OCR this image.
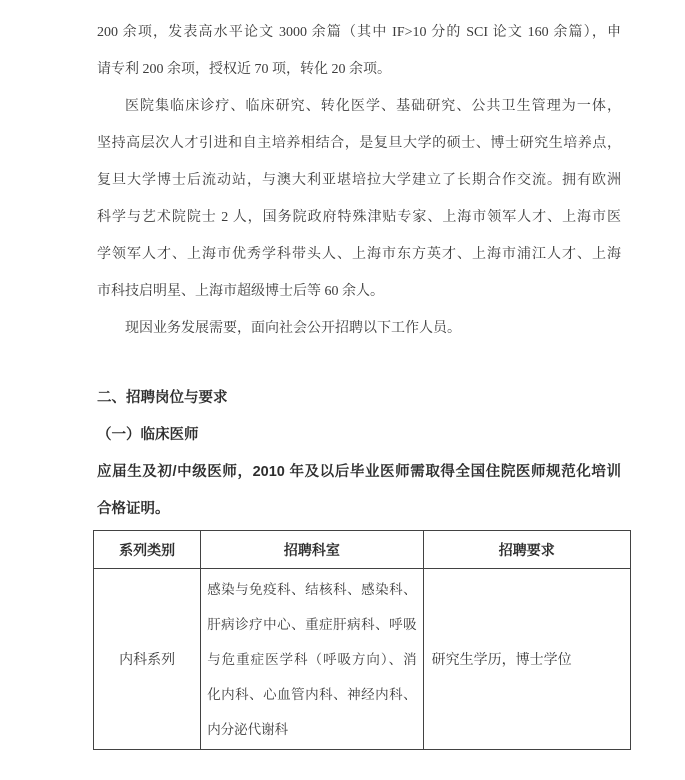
200 余项，发表高水平论文 3000 余篇（其中 IF>10 分的 SCI 论文 160 余篇），申
请专利 200 余项，授权近 70 项，转化 20 余项。
医院集临床诊疗、临床研究、转化医学、基础研究、公共卫生管理为一体，
坚持高层次人才引进和自主培养相结合，是复旦大学的硕士、博士研究生培养点，
复旦大学博士后流动站，与澳大利亚堪培拉大学建立了长期合作交流。拥有欧洲
科学与艺术院院士 2 人，国务院政府特殊津贴专家、上海市领军人才、上海市医
学领军人才、上海市优秀学科带头人、上海市东方英才、上海市浦江人才、上海
市科技启明星、上海市超级博士后等 60 余人。
现因业务发展需要，面向社会公开招聘以下工作人员。
二、招聘岗位与要求
（一）临床医师
应届生及初/中级医师，2010 年及以后毕业医师需取得全国住院医师规范化培训
合格证明。
系列类别	招聘科室	招聘要求
内科系列	感染与免疫科、结核科、感染科、
肝病诊疗中心、重症肝病科、呼吸
与危重症医学科（呼吸方向）、消
化内科、心血管内科、神经内科、
内分泌代谢科	研究生学历，博士学位
